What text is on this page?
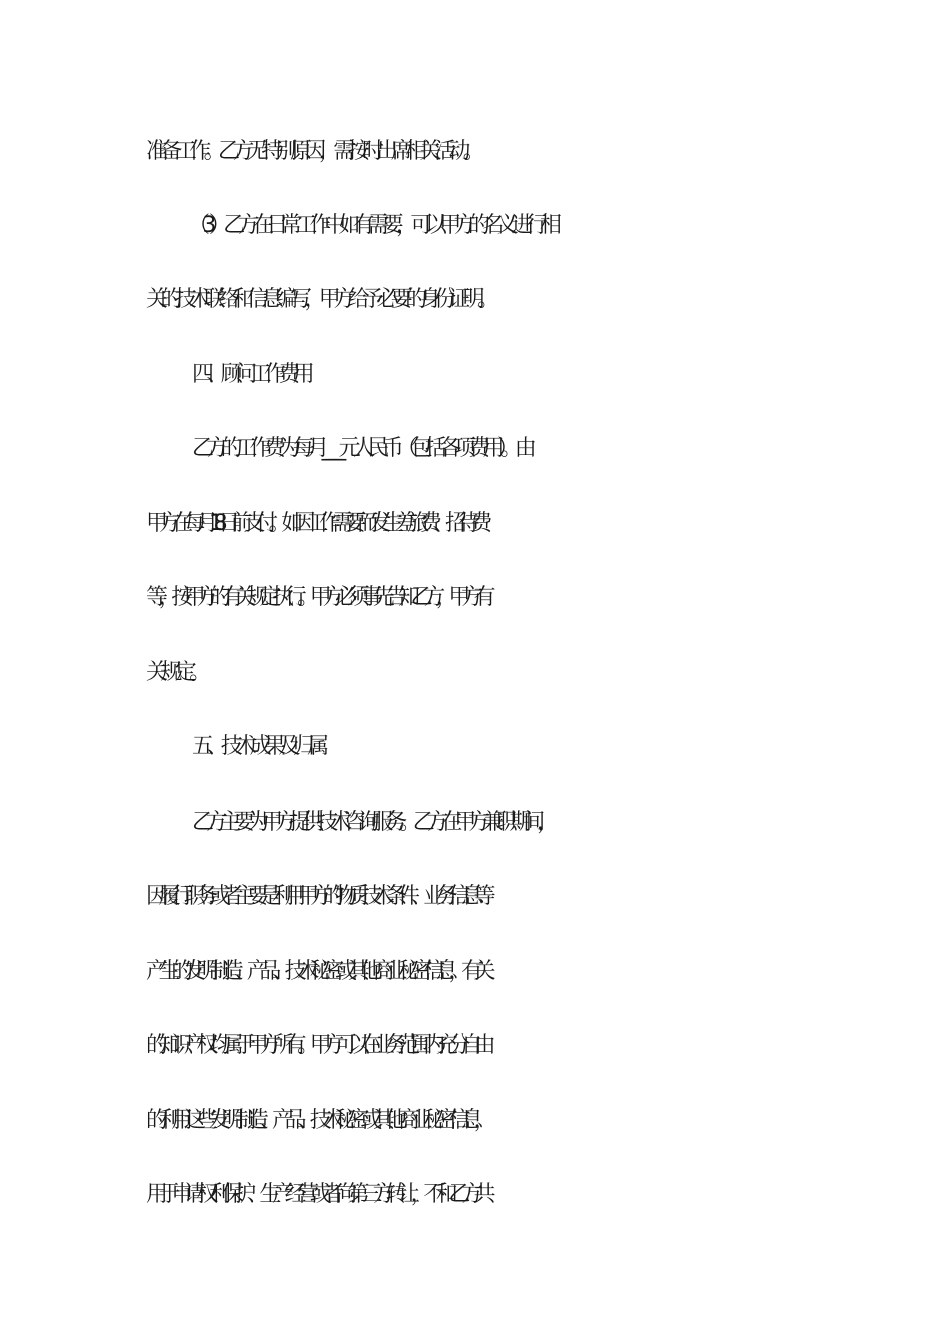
准备工作。乙方无特别原因，需按时出席相关活动。
（3）乙方在日常工作中如有需要，可以甲方的名义进行相
关的技术联络和信息编写，甲方给予必要的身份证明。
四、顾问工作费用
乙方的工作费为每月_____元人民币（包括各项费用）。由
甲方在每月18日前支付。如因工作需要而发生差旅费、招待费
等，按甲方的有关规定执行。甲方必须事先告知乙方，甲方有
关规定。
五、技术成果及归属
乙方主要为甲方提供技术咨询服务。乙方在甲方兼职期间，
因履行职务或者主要是利用甲方的物质技术条件、业务信息等
产生的发明制造、产品、技术秘密或其他商业秘密信息，有关
的知识产权均属于甲方所有。甲方可以在业务范围内充分自由
的利用这些发明制造、产品、技术秘密或其他商业秘密信息，
用于申请权利保护、生产经营或者向第三方转让，不和乙方共
